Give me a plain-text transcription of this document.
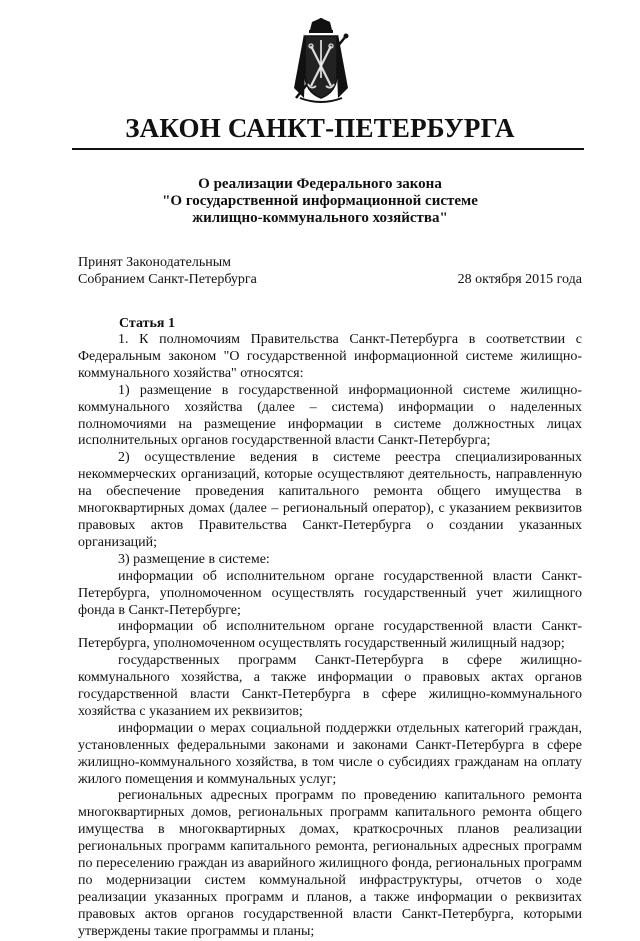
ЗАКОН САНКТ-ПЕТЕРБУРГА
О реализации Федерального закона
"О государственной информационной системе
жилищно-коммунального хозяйства"
Принят Законодательным
Собранием Санкт-Петербурга	28 октября 2015 года
Статья 1

1. К полномочиям Правительства Санкт-Петербурга в соответствии с Федеральным законом "О государственной информационной системе жилищно-коммунального хозяйства" относятся:

1) размещение в государственной информационной системе жилищно-коммунального хозяйства (далее – система) информации о наделенных полномочиями на размещение информации в системе должностных лицах исполнительных органов государственной власти Санкт-Петербурга;

2) осуществление ведения в системе реестра специализированных некоммерческих организаций, которые осуществляют деятельность, направленную на обеспечение проведения капитального ремонта общего имущества в многоквартирных домах (далее – региональный оператор), с указанием реквизитов правовых актов Правительства Санкт-Петербурга о создании указанных организаций;

3) размещение в системе:

информации об исполнительном органе государственной власти Санкт-Петербурга, уполномоченном осуществлять государственный учет жилищного фонда в Санкт-Петербурге;

информации об исполнительном органе государственной власти Санкт-Петербурга, уполномоченном осуществлять государственный жилищный надзор;

государственных программ Санкт-Петербурга в сфере жилищно-коммунального хозяйства, а также информации о правовых актах органов государственной власти Санкт-Петербурга в сфере жилищно-коммунального хозяйства с указанием их реквизитов;

информации о мерах социальной поддержки отдельных категорий граждан, установленных федеральными законами и законами Санкт-Петербурга в сфере жилищно-коммунального хозяйства, в том числе о субсидиях гражданам на оплату жилого помещения и коммунальных услуг;

региональных адресных программ по проведению капитального ремонта многоквартирных домов, региональных программ капитального ремонта общего имущества в многоквартирных домах, краткосрочных планов реализации региональных программ капитального ремонта, региональных адресных программ по переселению граждан из аварийного жилищного фонда, региональных программ по модернизации систем коммунальной инфраструктуры, отчетов о ходе реализации указанных программ и планов, а также информации о реквизитах правовых актов органов государственной власти Санкт-Петербурга, которыми утверждены такие программы и планы;
